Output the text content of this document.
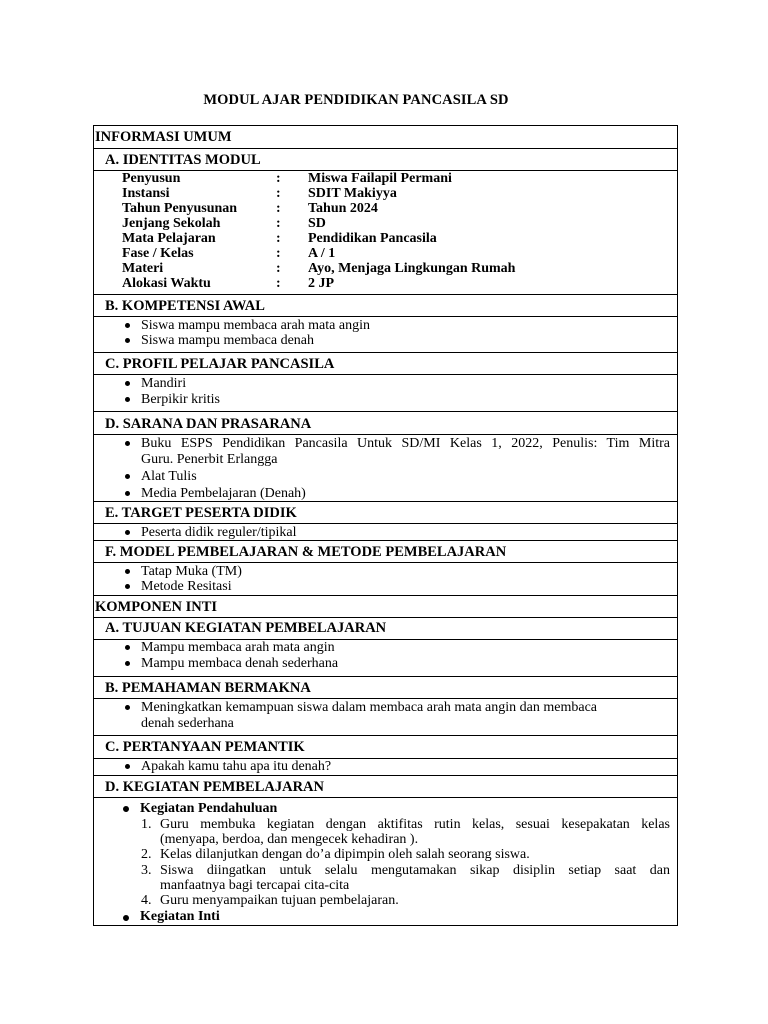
MODUL AJAR PENDIDIKAN PANCASILA SD
INFORMASI UMUM
A. IDENTITAS MODUL
Penyusun	: Miswa Failapil Permani
Instansi	: SDIT Makiyya
Tahun Penyusunan	: Tahun 2024
Jenjang Sekolah	: SD
Mata Pelajaran	: Pendidikan Pancasila
Fase / Kelas	: A / 1
Materi	: Ayo, Menjaga Lingkungan Rumah
Alokasi Waktu	: 2 JP
B. KOMPETENSI AWAL
Siswa mampu membaca arah mata angin
Siswa mampu membaca denah
C. PROFIL PELAJAR PANCASILA
Mandiri
Berpikir kritis
D. SARANA DAN PRASARANA
Buku ESPS Pendidikan Pancasila Untuk SD/MI Kelas 1, 2022, Penulis: Tim Mitra
Guru. Penerbit Erlangga
Alat Tulis
Media Pembelajaran (Denah)
E. TARGET PESERTA DIDIK
Peserta didik reguler/tipikal
F. MODEL PEMBELAJARAN & METODE PEMBELAJARAN
Tatap Muka (TM)
Metode Resitasi
KOMPONEN INTI
A. TUJUAN KEGIATAN PEMBELAJARAN
Mampu membaca arah mata angin
Mampu membaca denah sederhana
B. PEMAHAMAN BERMAKNA
Meningkatkan kemampuan siswa dalam membaca arah mata angin dan membaca
denah sederhana
C. PERTANYAAN PEMANTIK
Apakah kamu tahu apa itu denah?
D. KEGIATAN PEMBELAJARAN
Kegiatan Pendahuluan
1. Guru membuka kegiatan dengan aktifitas rutin kelas, sesuai kesepakatan kelas
(menyapa, berdoa, dan mengecek kehadiran ).
2. Kelas dilanjutkan dengan do’a dipimpin oleh salah seorang siswa.
3. Siswa diingatkan untuk selalu mengutamakan sikap disiplin setiap saat dan
manfaatnya bagi tercapai cita-cita
4. Guru menyampaikan tujuan pembelajaran.
Kegiatan Inti
